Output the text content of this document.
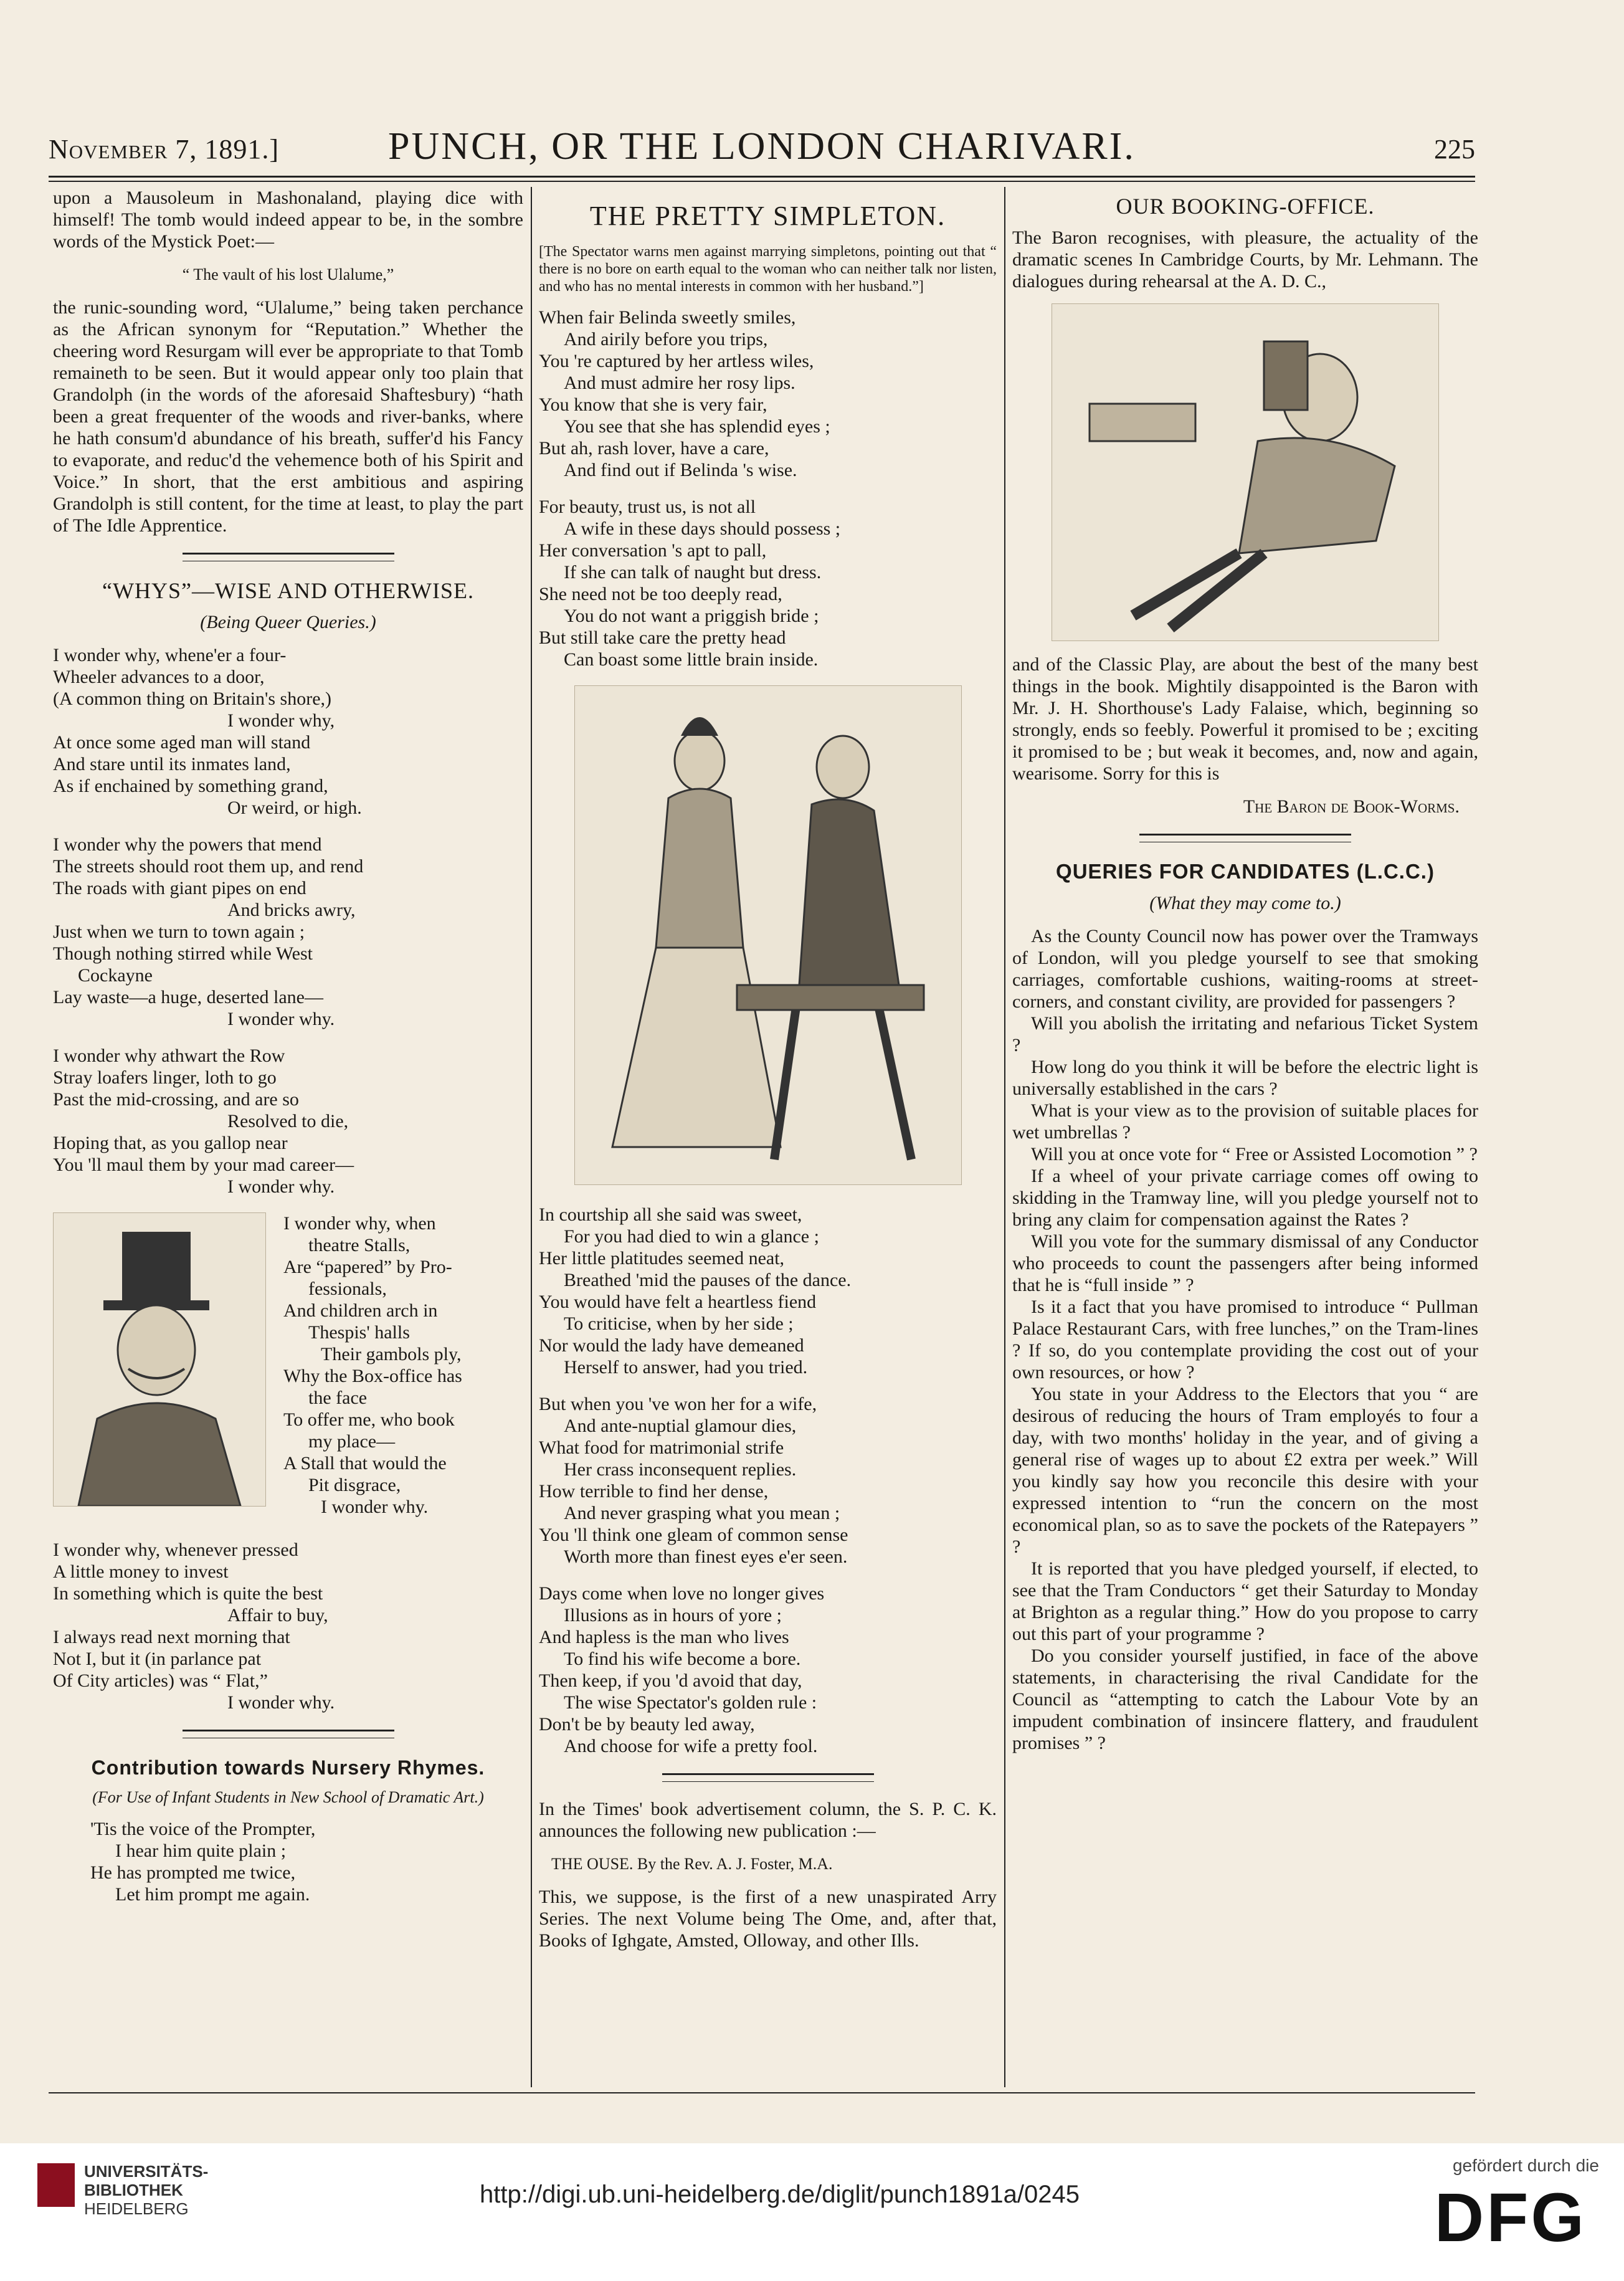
November 7, 1891.]	PUNCH, OR THE LONDON CHARIVARI.	225

upon a Mausoleum in Mashonaland, playing dice with himself! The tomb would indeed appear to be, in the sombre words of the Mystick Poet:—

“ The vault of his lost Ulalume,”

the runic-sounding word, “Ulalume,” being taken perchance as the African synonym for “Reputation.” Whether the cheering word Resurgam will ever be appropriate to that Tomb remaineth to be seen. But it would appear only too plain that Grandolph (in the words of the aforesaid Shaftesbury) “hath been a great frequenter of the woods and river-banks, where he hath consum'd abundance of his breath, suffer'd his Fancy to evaporate, and reduc'd the vehemence both of his Spirit and Voice.” In short, that the erst ambitious and aspiring Grandolph is still content, for the time at least, to play the part of The Idle Apprentice.

“WHYS”—WISE AND OTHERWISE.
(Being Queer Queries.)
I wonder why, whene'er a four-
Wheeler advances to a door,
(A common thing on Britain's shore,)
I wonder why,
At once some aged man will stand
And stare until its inmates land,
As if enchained by something grand,
Or weird, or high.
I wonder why the powers that mend
The streets should root them up, and rend
The roads with giant pipes on end
And bricks awry,
Just when we turn to town again ;
Though nothing stirred while West
Cockayne
Lay waste—a huge, deserted lane—
I wonder why.
I wonder why athwart the Row
Stray loafers linger, loth to go
Past the mid-crossing, and are so
Resolved to die,
Hoping that, as you gallop near
You 'll maul them by your mad career—
I wonder why.
I wonder why, when
theatre Stalls,
Are “papered” by Pro-
fessionals,
And children arch in
Thespis' halls
Their gambols ply,
Why the Box-office has
the face
To offer me, who book
my place—
A Stall that would the
Pit disgrace,
I wonder why.
I wonder why, whenever pressed
A little money to invest
In something which is quite the best
Affair to buy,
I always read next morning that
Not I, but it (in parlance pat
Of City articles) was “ Flat,”
I wonder why.
Contribution towards Nursery Rhymes.
(For Use of Infant Students in New School of Dramatic Art.)
'Tis the voice of the Prompter,
I hear him quite plain ;
He has prompted me twice,
Let him prompt me again.
THE PRETTY SIMPLETON.

[The Spectator warns men against marrying simpletons, pointing out that “ there is no bore on earth equal to the woman who can neither talk nor listen, and who has no mental interests in common with her husband.”]

When fair Belinda sweetly smiles,
And airily before you trips,
You 're captured by her artless wiles,
And must admire her rosy lips.
You know that she is very fair,
You see that she has splendid eyes ;
But ah, rash lover, have a care,
And find out if Belinda 's wise.
For beauty, trust us, is not all
A wife in these days should possess ;
Her conversation 's apt to pall,
If she can talk of naught but dress.
She need not be too deeply read,
You do not want a priggish bride ;
But still take care the pretty head
Can boast some little brain inside.
In courtship all she said was sweet,
For you had died to win a glance ;
Her little platitudes seemed neat,
Breathed 'mid the pauses of the dance.
You would have felt a heartless fiend
To criticise, when by her side ;
Nor would the lady have demeaned
Herself to answer, had you tried.
But when you 've won her for a wife,
And ante-nuptial glamour dies,
What food for matrimonial strife
Her crass inconsequent replies.
How terrible to find her dense,
And never grasping what you mean ;
You 'll think one gleam of common sense
Worth more than finest eyes e'er seen.
Days come when love no longer gives
Illusions as in hours of yore ;
And hapless is the man who lives
To find his wife become a bore.
Then keep, if you 'd avoid that day,
The wise Spectator's golden rule :
Don't be by beauty led away,
And choose for wife a pretty fool.

In the Times' book advertisement column, the S. P. C. K. announces the following new publication :—

THE OUSE. By the Rev. A. J. Foster, M.A.

This, we suppose, is the first of a new unaspirated Arry Series. The next Volume being The Ome, and, after that, Books of Ighgate, Amsted, Olloway, and other Ills.

OUR BOOKING-OFFICE.

The Baron recognises, with pleasure, the actuality of the dramatic scenes In Cambridge Courts, by Mr. Lehmann. The dialogues during rehearsal at the A. D. C.,

and of the Classic Play, are about the best of the many best things in the book. Mightily disappointed is the Baron with Mr. J. H. Shorthouse's Lady Falaise, which, beginning so strongly, ends so feebly. Powerful it promised to be ; exciting it promised to be ; but weak it becomes, and, now and again, wearisome. Sorry for this is

The Baron de Book-Worms.

QUERIES FOR CANDIDATES (L.C.C.)
(What they may come to.)

As the County Council now has power over the Tramways of London, will you pledge yourself to see that smoking carriages, comfortable cushions, waiting-rooms at street-corners, and constant civility, are provided for passengers ?

Will you abolish the irritating and nefarious Ticket System ?

How long do you think it will be before the electric light is universally established in the cars ?

What is your view as to the provision of suitable places for wet umbrellas ?

Will you at once vote for “ Free or Assisted Locomotion ” ?

If a wheel of your private carriage comes off owing to skidding in the Tramway line, will you pledge yourself not to bring any claim for compensation against the Rates ?

Will you vote for the summary dismissal of any Conductor who proceeds to count the passengers after being informed that he is “full inside ” ?

Is it a fact that you have promised to introduce “ Pullman Palace Restaurant Cars, with free lunches,” on the Tram-lines ? If so, do you contemplate providing the cost out of your own resources, or how ?

You state in your Address to the Electors that you “ are desirous of reducing the hours of Tram employés to four a day, with two months' holiday in the year, and of giving a general rise of wages up to about £2 extra per week.” Will you kindly say how you reconcile this desire with your expressed intention to “run the concern on the most economical plan, so as to save the pockets of the Ratepayers ” ?

It is reported that you have pledged yourself, if elected, to see that the Tram Conductors “ get their Saturday to Monday at Brighton as a regular thing.” How do you propose to carry out this part of your programme ?

Do you consider yourself justified, in face of the above statements, in characterising the rival Candidate for the Council as “attempting to catch the Labour Vote by an impudent combination of insincere flattery, and fraudulent promises ” ?

UNIVERSITÄTS-
BIBLIOTHEK
HEIDELBERG
http://digi.ub.uni-heidelberg.de/diglit/punch1891a/0245
gefördert durch die
DFG
